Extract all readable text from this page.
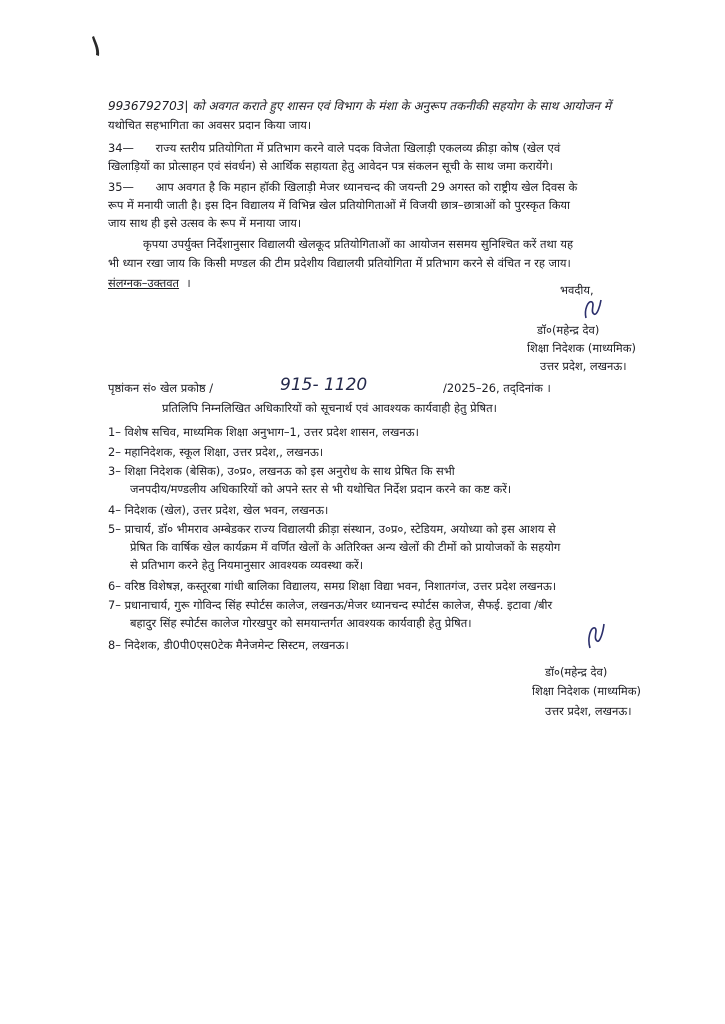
9936792703| को अवगत कराते हुए शासन एवं विभाग के मंशा के अनुरूप तकनीकी सहयोग के साथ आयोजन में
यथोचित सहभागिता का अवसर प्रदान किया जाय।
34— राज्य स्तरीय प्रतियोगिता में प्रतिभाग करने वाले पदक विजेता खिलाड़ी एकलव्य क्रीड़ा कोष (खेल एवं
खिलाड़ियों का प्रोत्साहन एवं संवर्धन) से आर्थिक सहायता हेतु आवेदन पत्र संकलन सूची के साथ जमा करायेंगे।
35— आप अवगत है कि महान हॉकी खिलाड़ी मेजर ध्यानचन्द की जयन्ती 29 अगस्त को राष्ट्रीय खेल दिवस के
रूप में मनायी जाती है। इस दिन विद्यालय में विभिन्न खेल प्रतियोगिताओं में विजयी छात्र–छात्राओं को पुरस्कृत किया
जाय साथ ही इसे उत्सव के रूप में मनाया जाय।
कृपया उपर्युक्त निर्देशानुसार विद्यालयी खेलकूद प्रतियोगिताओं का आयोजन ससमय सुनिश्चित करें तथा यह
भी ध्यान रखा जाय कि किसी मण्डल की टीम प्रदेशीय विद्यालयी प्रतियोगिता में प्रतिभाग करने से वंचित न रह जाय।
संलग्नक–उक्तवत ।	भवदीय,
डॉ०(महेन्द्र देव)
शिक्षा निदेशक (माध्यमिक)
उत्तर प्रदेश, लखनऊ।
पृष्ठांकन सं० खेल प्रकोष्ठ /	915- 1120	/2025–26, तद्‌दिनांक ।
प्रतिलिपि निम्नलिखित अधिकारियों को सूचनार्थ एवं आवश्यक कार्यवाही हेतु प्रेषित।
1– विशेष सचिव, माध्यमिक शिक्षा अनुभाग–1, उत्तर प्रदेश शासन, लखनऊ।
2– महानिदेशक, स्कूल शिक्षा, उत्तर प्रदेश,, लखनऊ।
3– शिक्षा निदेशक (बेसिक), उ०प्र०, लखनऊ को इस अनुरोध के साथ प्रेषित कि सभी
जनपदीय/मण्डलीय अधिकारियों को अपने स्तर से भी यथोचित निर्देश प्रदान करने का कष्ट करें।
4– निदेशक (खेल), उत्तर प्रदेश, खेल भवन, लखनऊ।
5– प्राचार्य, डॉ० भीमराव अम्बेडकर राज्य विद्यालयी क्रीड़ा संस्थान, उ०प्र०, स्टेडियम, अयोध्या को इस आशय से
प्रेषित कि वार्षिक खेल कार्यक्रम में वर्णित खेलों के अतिरिक्त अन्य खेलों की टीमों को प्रायोजकों के सहयोग
से प्रतिभाग करने हेतु नियमानुसार आवश्यक व्यवस्था करें।
6– वरिष्ठ विशेषज्ञ, कस्तूरबा गांधी बालिका विद्यालय, समग्र शिक्षा विद्या भवन, निशातगंज, उत्तर प्रदेश लखनऊ।
7– प्रधानाचार्य, गुरू गोविन्द सिंह स्पोर्टस कालेज, लखनऊ/मेजर ध्यानचन्द स्पोर्टस कालेज, सैफई. इटावा /बीर
बहादुर सिंह स्पोर्टस कालेज गोरखपुर को समयान्तर्गत आवश्यक कार्यवाही हेतु प्रेषित।
8– निदेशक, डी0पी0एस0टेक मैनेजमेन्ट सिस्टम, लखनऊ।
डॉ०(महेन्द्र देव)
शिक्षा निदेशक (माध्यमिक)
उत्तर प्रदेश, लखनऊ।
